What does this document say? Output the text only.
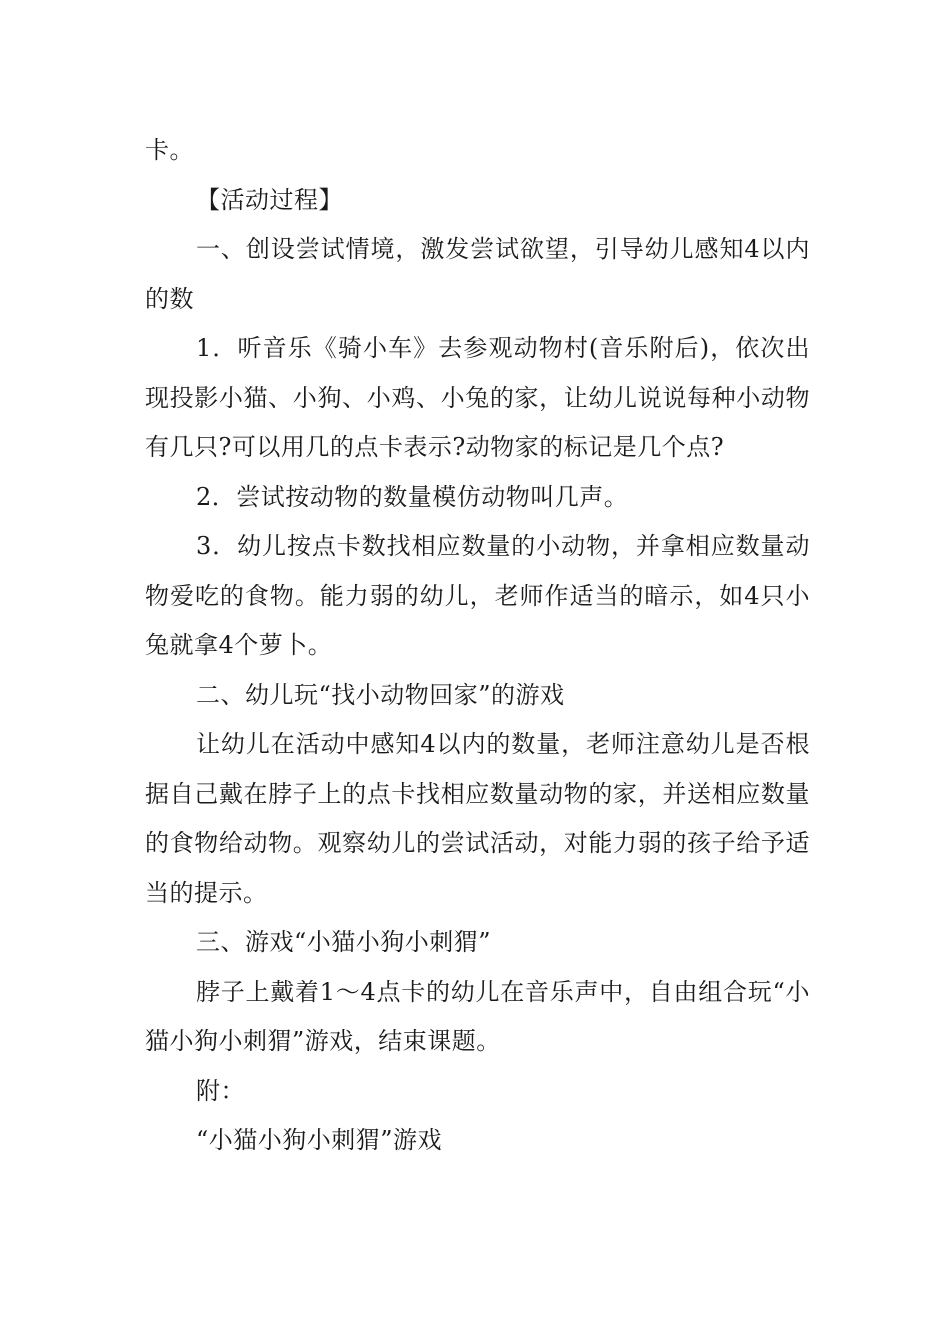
卡。

【活动过程】

一、创设尝试情境，激发尝试欲望，引导幼儿感知4以内的数

1．听音乐《骑小车》去参观动物村(音乐附后)，依次出现投影小猫、小狗、小鸡、小兔的家，让幼儿说说每种小动物有几只?可以用几的点卡表示?动物家的标记是几个点?

2．尝试按动物的数量模仿动物叫几声。

3．幼儿按点卡数找相应数量的小动物，并拿相应数量动物爱吃的食物。能力弱的幼儿，老师作适当的暗示，如4只小兔就拿4个萝卜。

二、幼儿玩“找小动物回家”的游戏

让幼儿在活动中感知4以内的数量，老师注意幼儿是否根据自己戴在脖子上的点卡找相应数量动物的家，并送相应数量的食物给动物。观察幼儿的尝试活动，对能力弱的孩子给予适当的提示。

三、游戏“小猫小狗小刺猬”

脖子上戴着1～4点卡的幼儿在音乐声中，自由组合玩“小猫小狗小刺猬”游戏，结束课题。

附：

“小猫小狗小刺猬”游戏
